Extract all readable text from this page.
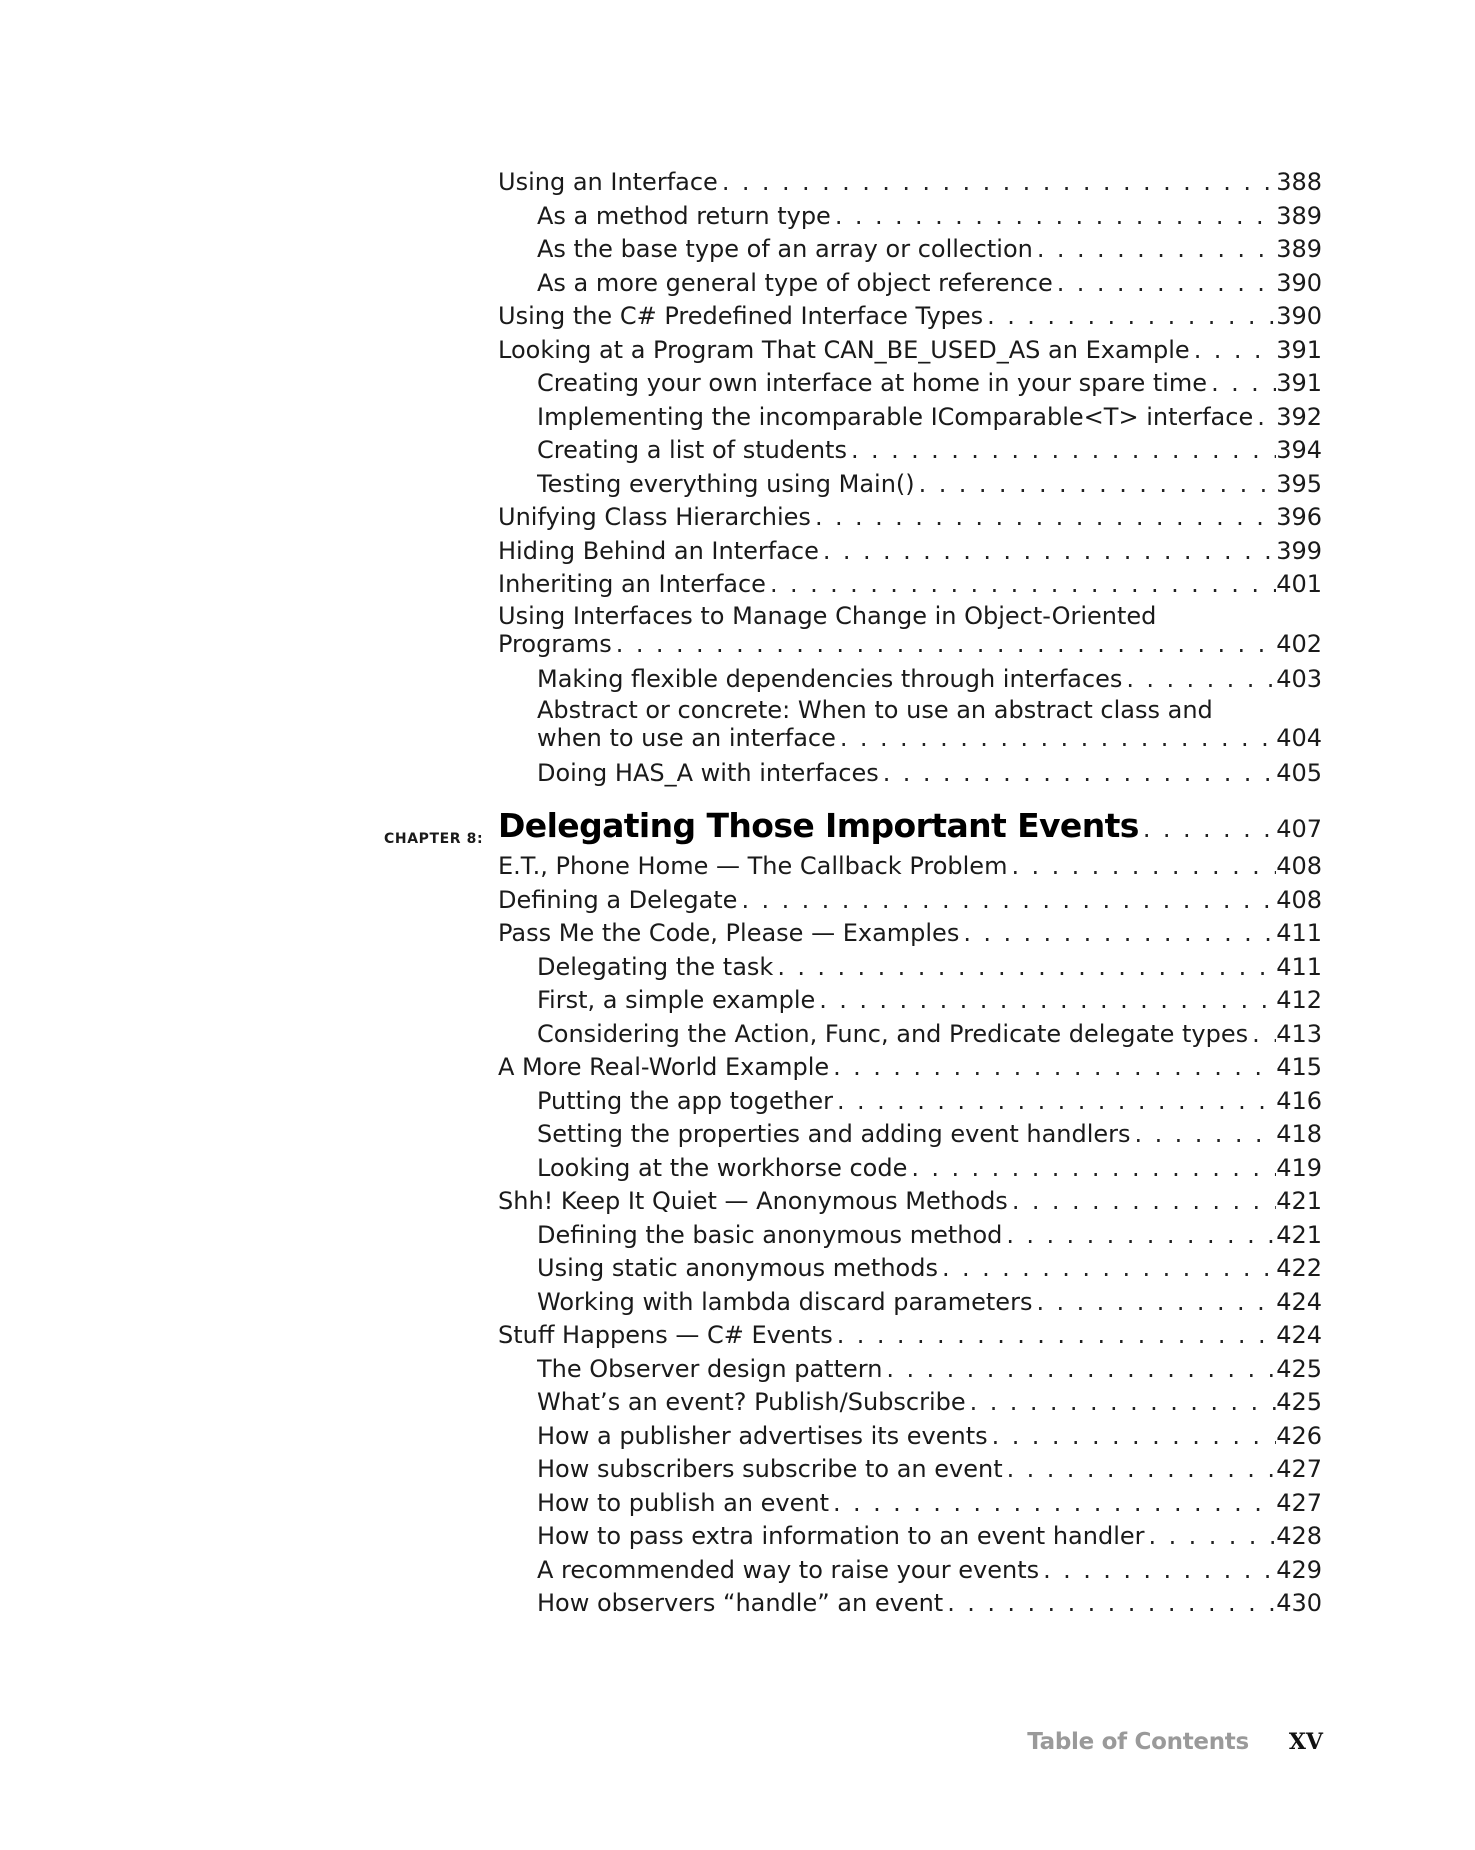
Using an Interface . . .	388
As a method return type . . .	389
As the base type of an array or collection . . .	389
As a more general type of object reference . . .	390
Using the C# Predefined Interface Types . . .	390
Looking at a Program That CAN_BE_USED_AS an Example . . .	391
Creating your own interface at home in your spare time . . .	391
Implementing the incomparable IComparable<T> interface . . . 392
Creating a list of students . . .	394
Testing everything using Main() . . .	395
Unifying Class Hierarchies . . .	396
Hiding Behind an Interface . . .	399
Inheriting an Interface . . .	401
Using Interfaces to Manage Change in Object-Oriented
Programs . . .	402
Making flexible dependencies through interfaces . . .	403
Abstract or concrete: When to use an abstract class and
when to use an interface . . .	404
Doing HAS_A with interfaces . . .	405
CHAPTER 8: Delegating Those Important Events . . .	407
E.T., Phone Home — The Callback Problem . . .	408
Defining a Delegate . . .	408
Pass Me the Code, Please — Examples . . .	411
Delegating the task . . .	411
First, a simple example . . .	412
Considering the Action, Func, and Predicate delegate types . . . 413
A More Real-World Example . . .	415
Putting the app together . . .	416
Setting the properties and adding event handlers . . .	418
Looking at the workhorse code . . .	419
Shh! Keep It Quiet — Anonymous Methods . . .	421
Defining the basic anonymous method . . .	421
Using static anonymous methods . . .	422
Working with lambda discard parameters . . .	424
Stuff Happens — C# Events . . .	424
The Observer design pattern . . .	425
What’s an event? Publish/Subscribe . . .	425
How a publisher advertises its events . . .	426
How subscribers subscribe to an event . . .	427
How to publish an event . . .	427
How to pass extra information to an event handler . . .	428
A recommended way to raise your events . . .	429
How observers “handle” an event . . .	430
Table of Contents XV
